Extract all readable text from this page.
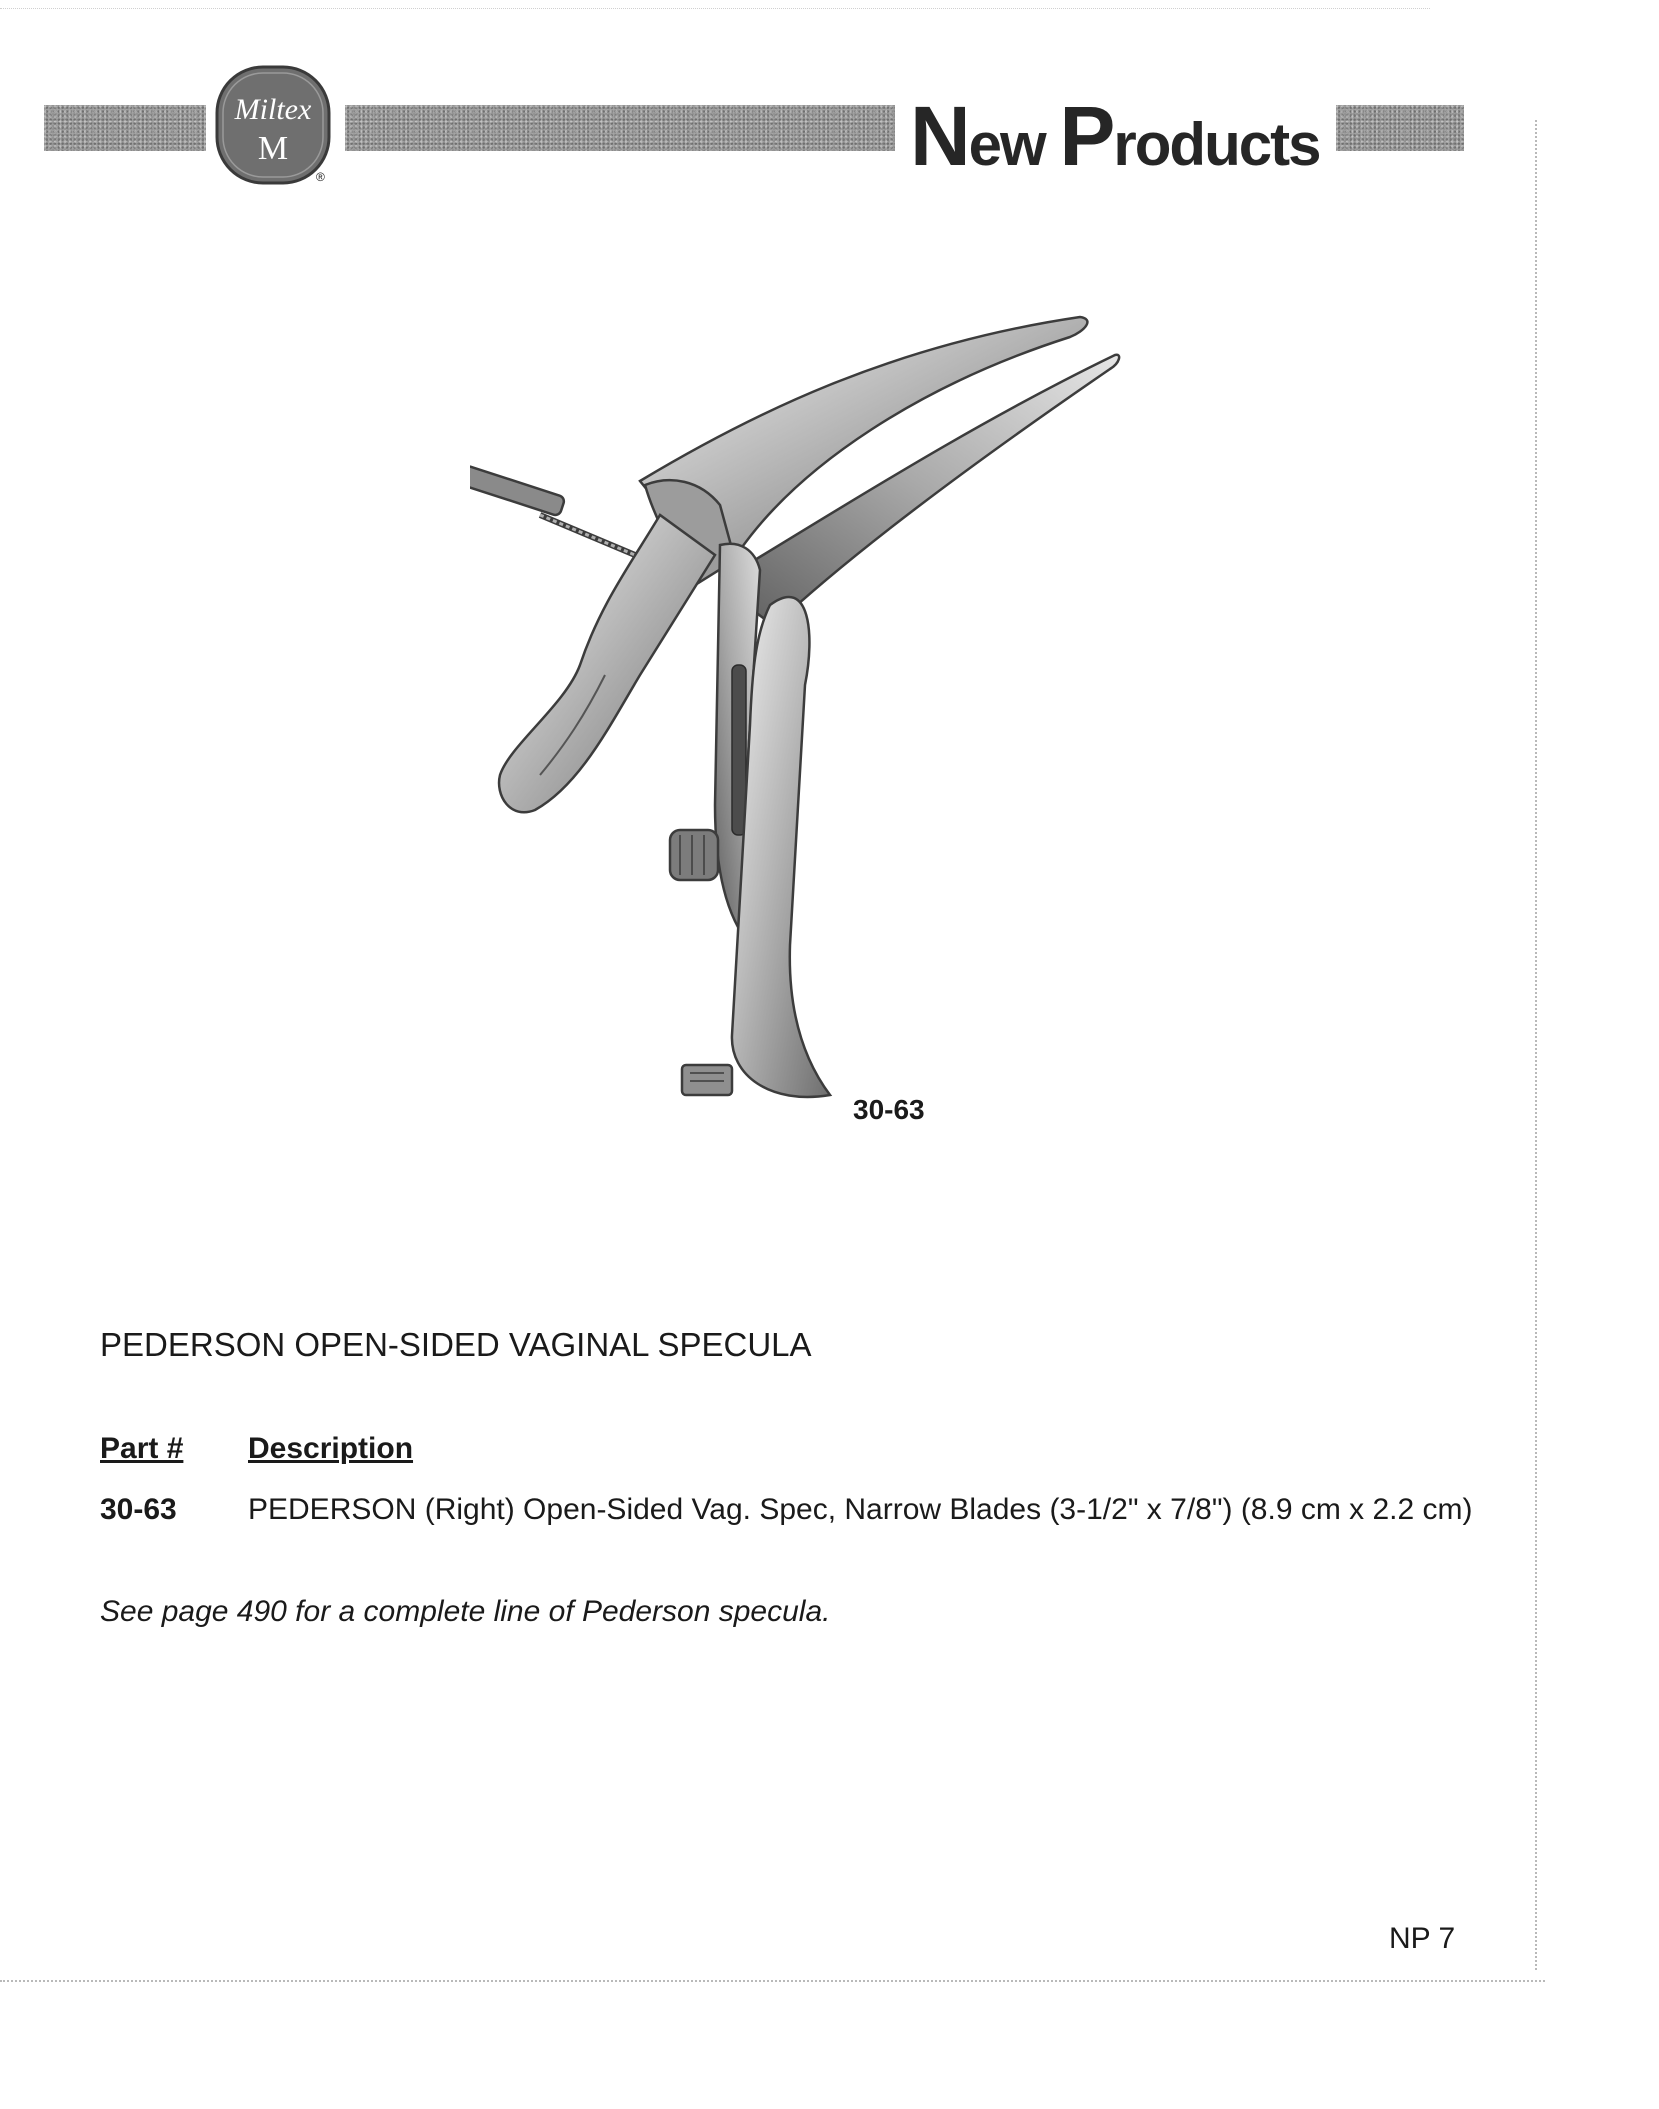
Miltex
M
®	New Products
30-63
PEDERSON OPEN-SIDED VAGINAL SPECULA
Part # Description
30-63 PEDERSON (Right) Open-Sided Vag. Spec, Narrow Blades (3-1/2" x 7/8") (8.9 cm x 2.2 cm)

See page 490 for a complete line of Pederson specula.

NP 7
